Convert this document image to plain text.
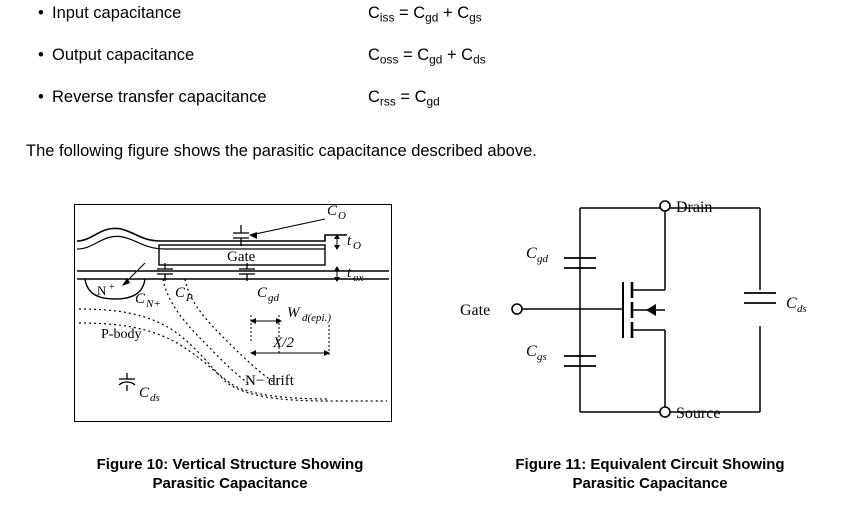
• Input capacitance	$C_{iss} = C_{gd} + C_{gs}$
• Output capacitance	$C_{oss} = C_{gd} + C_{ds}$
• Reverse transfer capacitance	$C_{rss} = C_{gd}$
The following figure shows the parasitic capacitance described above.
Gate
N +
P-body
N− drift
C O
t O
t ox
C N+
C P	C gd
W d(epi.)
X/2
C ds
Drain
Source
Gate
C gd
C gs
C ds
Figure 10: Vertical Structure Showing
Parasitic Capacitance
Figure 11: Equivalent Circuit Showing
Parasitic Capacitance
